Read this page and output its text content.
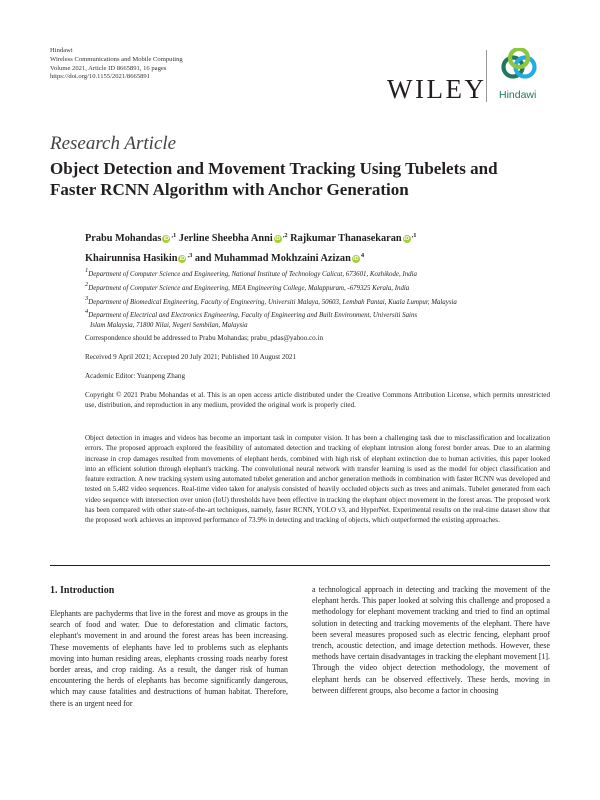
Hindawi
Wireless Communications and Mobile Computing
Volume 2021, Article ID 8665891, 16 pages
https://doi.org/10.1155/2021/8665891	WILEY Hindawi
Research Article
Object Detection and Movement Tracking Using Tubelets and
Faster RCNN Algorithm with Anchor Generation
Prabu Mohandas iD $^{,1}$ Jerline Sheebha Anni iD $^{,2}$ Rajkumar Thanasekaran iD $^{,1}$
Khairunnisa Hasikin iD $^{,3}$ and Muhammad Mokhzaini Azizan iD $^4$
1Department of Computer Science and Engineering, National Institute of Technology Calicut, 673601, Kozhikode, India
2Department of Computer Science and Engineering, MEA Engineering College, Malappuram, -679325 Kerala, India
3Department of Biomedical Engineering, Faculty of Engineering, Universiti Malaya, 50603, Lembah Pantai, Kuala Lumpur, Malaysia
4Department of Electrical and Electronics Engineering, Faculty of Engineering and Built Environment, Universiti Sains
Islam Malaysia, 71800 Nilai, Negeri Sembilan, Malaysia
Correspondence should be addressed to Prabu Mohandas; prabu_pdas@yahoo.co.in
Received 9 April 2021; Accepted 20 July 2021; Published 10 August 2021
Academic Editor: Yuanpeng Zhang
Copyright © 2021 Prabu Mohandas et al. This is an open access article distributed under the Creative Commons Attribution License, which permits unrestricted use, distribution, and reproduction in any medium, provided the original work is properly cited.
Object detection in images and videos has become an important task in computer vision. It has been a challenging task due to misclassification and localization errors. The proposed approach explored the feasibility of automated detection and tracking of elephant intrusion along forest border areas. Due to an alarming increase in crop damages resulted from movements of elephant herds, combined with high risk of elephant extinction due to human activities, this paper looked into an efficient solution through elephant's tracking. The convolutional neural network with transfer learning is used as the model for object classification and feature extraction. A new tracking system using automated tubelet generation and anchor generation methods in combination with faster RCNN was developed and tested on 5,482 video sequences. Real-time video taken for analysis consisted of heavily occluded objects such as trees and animals. Tubelet generated from each video sequence with intersection over union (IoU) thresholds have been effective in tracking the elephant object movement in the forest areas. The proposed work has been compared with other state-of-the-art techniques, namely, faster RCNN, YOLO v3, and HyperNet. Experimental results on the real-time dataset show that the proposed work achieves an improved performance of 73.9% in detecting and tracking of objects, which outperformed the existing approaches.
1. Introduction

Elephants are pachyderms that live in the forest and move as groups in the search of food and water. Due to deforestation and climatic factors, elephant's movement in and around the forest areas has been increasing. These movements of elephants have led to problems such as elephants moving into human residing areas, elephants crossing roads nearby forest border areas, and crop raiding. As a result, the danger risk of human encountering the herds of elephants has become significantly dangerous, which may cause fatalities and destructions of human habitat. Therefore, there is an urgent need for

a technological approach in detecting and tracking the movement of the elephant herds. This paper looked at solving this challenge and proposed a methodology for elephant movement tracking and tried to find an optimal solution in detecting and tracking movements of the elephant. There have been several measures proposed such as electric fencing, elephant proof trench, acoustic detection, and image detection methods. However, these methods have certain disadvantages in tracking the elephant movement [1]. Through the video object detection methodology, the movement of elephant herds can be observed effectively. These herds, moving in between different groups, also become a factor in choosing
